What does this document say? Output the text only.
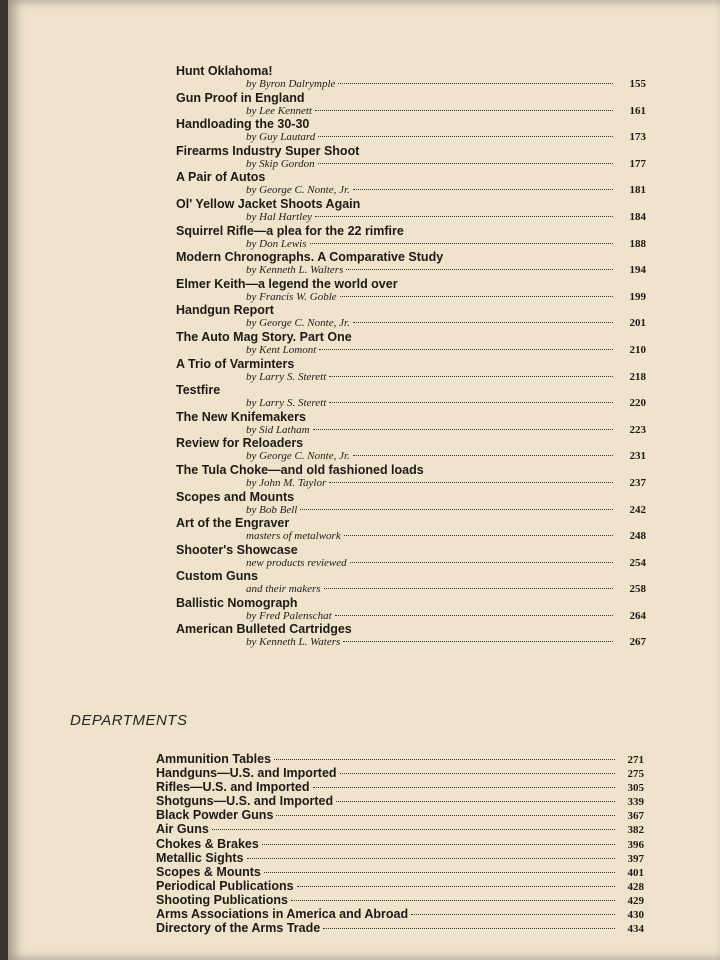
Hunt Oklahoma!
by Byron Dalrymple	155
Gun Proof in England
by Lee Kennett	161
Handloading the 30-30
by Guy Lautard	173
Firearms Industry Super Shoot
by Skip Gordon	177
A Pair of Autos
by George C. Nonte, Jr.	181
Ol' Yellow Jacket Shoots Again
by Hal Hartley	184
Squirrel Rifle—a plea for the 22 rimfire
by Don Lewis	188
Modern Chronographs. A Comparative Study
by Kenneth L. Walters	194
Elmer Keith—a legend the world over
by Francis W. Goble	199
Handgun Report
by George C. Nonte, Jr.	201
The Auto Mag Story. Part One
by Kent Lomont	210
A Trio of Varminters
by Larry S. Sterett	218
Testfire
by Larry S. Sterett	220
The New Knifemakers
by Sid Latham	223
Review for Reloaders
by George C. Nonte, Jr.	231
The Tula Choke—and old fashioned loads
by John M. Taylor	237
Scopes and Mounts
by Bob Bell	242
Art of the Engraver
masters of metalwork	248
Shooter's Showcase
new products reviewed	254
Custom Guns
and their makers	258
Ballistic Nomograph
by Fred Palenschat	264
American Bulleted Cartridges
by Kenneth L. Waters	267
DEPARTMENTS
Ammunition Tables	271
Handguns—U.S. and Imported	275
Rifles—U.S. and Imported	305
Shotguns—U.S. and Imported	339
Black Powder Guns	367
Air Guns	382
Chokes & Brakes	396
Metallic Sights	397
Scopes & Mounts	401
Periodical Publications	428
Shooting Publications	429
Arms Associations in America and Abroad	430
Directory of the Arms Trade	434
